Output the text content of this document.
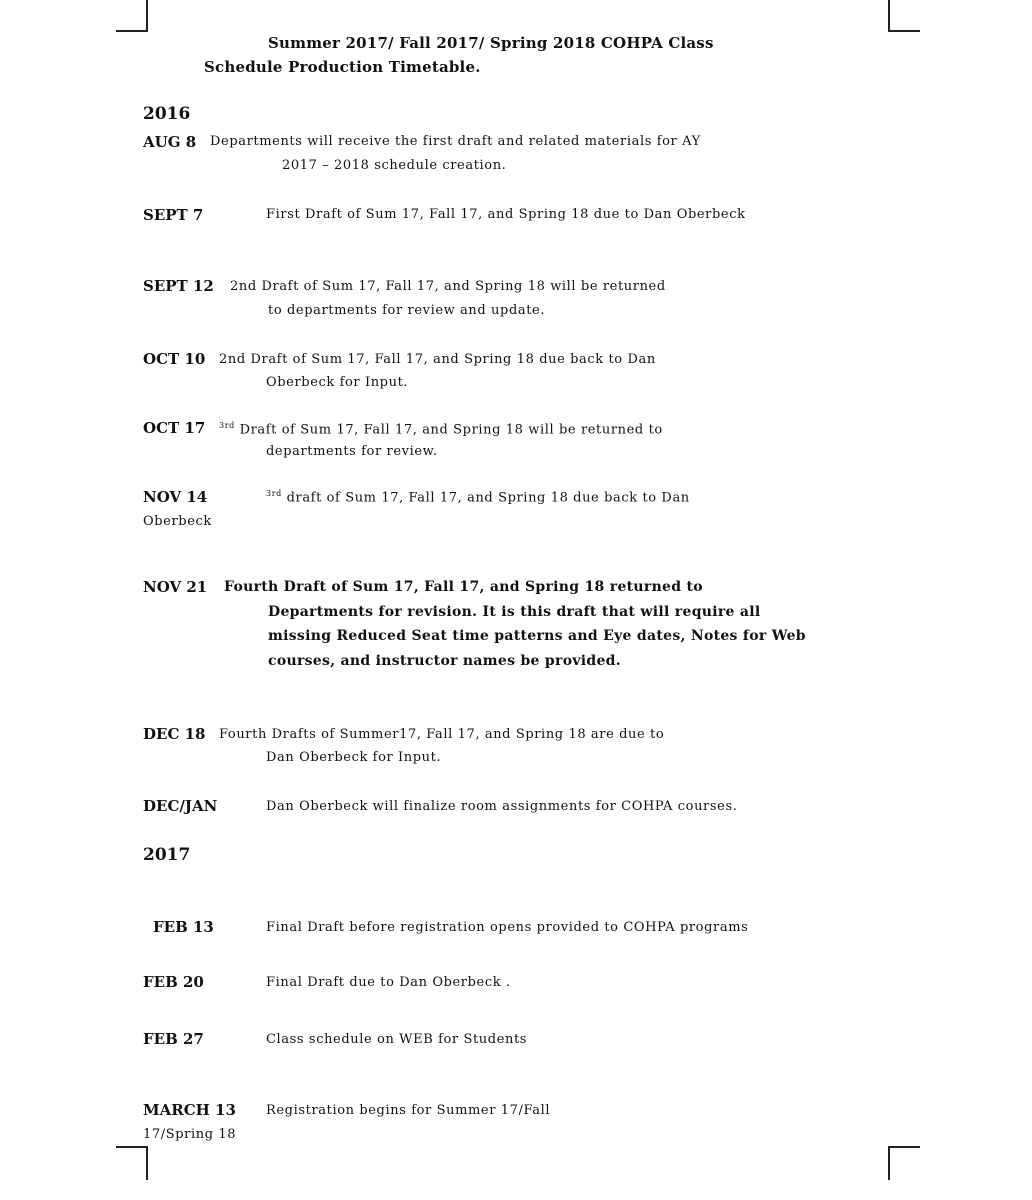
Summer 2017/ Fall 2017/ Spring 2018 COHPA Class
Schedule Production Timetable.
2016
AUG 8 Departments will receive the first draft and related materials for AY
2017 – 2018 schedule creation.
SEPT 7	First Draft of Sum 17, Fall 17, and Spring 18 due to Dan Oberbeck
SEPT 12 2nd Draft of Sum 17, Fall 17, and Spring 18 will be returned
to departments for review and update.
OCT 10 2nd Draft of Sum 17, Fall 17, and Spring 18 due back to Dan
Oberbeck for Input.
OCT 17 $^{3rd}$ Draft of Sum 17, Fall 17, and Spring 18 will be returned to
departments for review.
NOV 14	$^{3rd}$ draft of Sum 17, Fall 17, and Spring 18 due back to Dan
Oberbeck
NOV 21 Fourth Draft of Sum 17, Fall 17, and Spring 18 returned to
Departments for revision. It is this draft that will require all
missing Reduced Seat time patterns and Eye dates, Notes for Web
courses, and instructor names be provided.
DEC 18 Fourth Drafts of Summer17, Fall 17, and Spring 18 are due to
Dan Oberbeck for Input.
DEC/JAN	Dan Oberbeck will finalize room assignments for COHPA courses.
2017
FEB 13	Final Draft before registration opens provided to COHPA programs
FEB 20	Final Draft due to Dan Oberbeck .
FEB 27	Class schedule on WEB for Students
MARCH 13 Registration begins for Summer 17/Fall
17/Spring 18
